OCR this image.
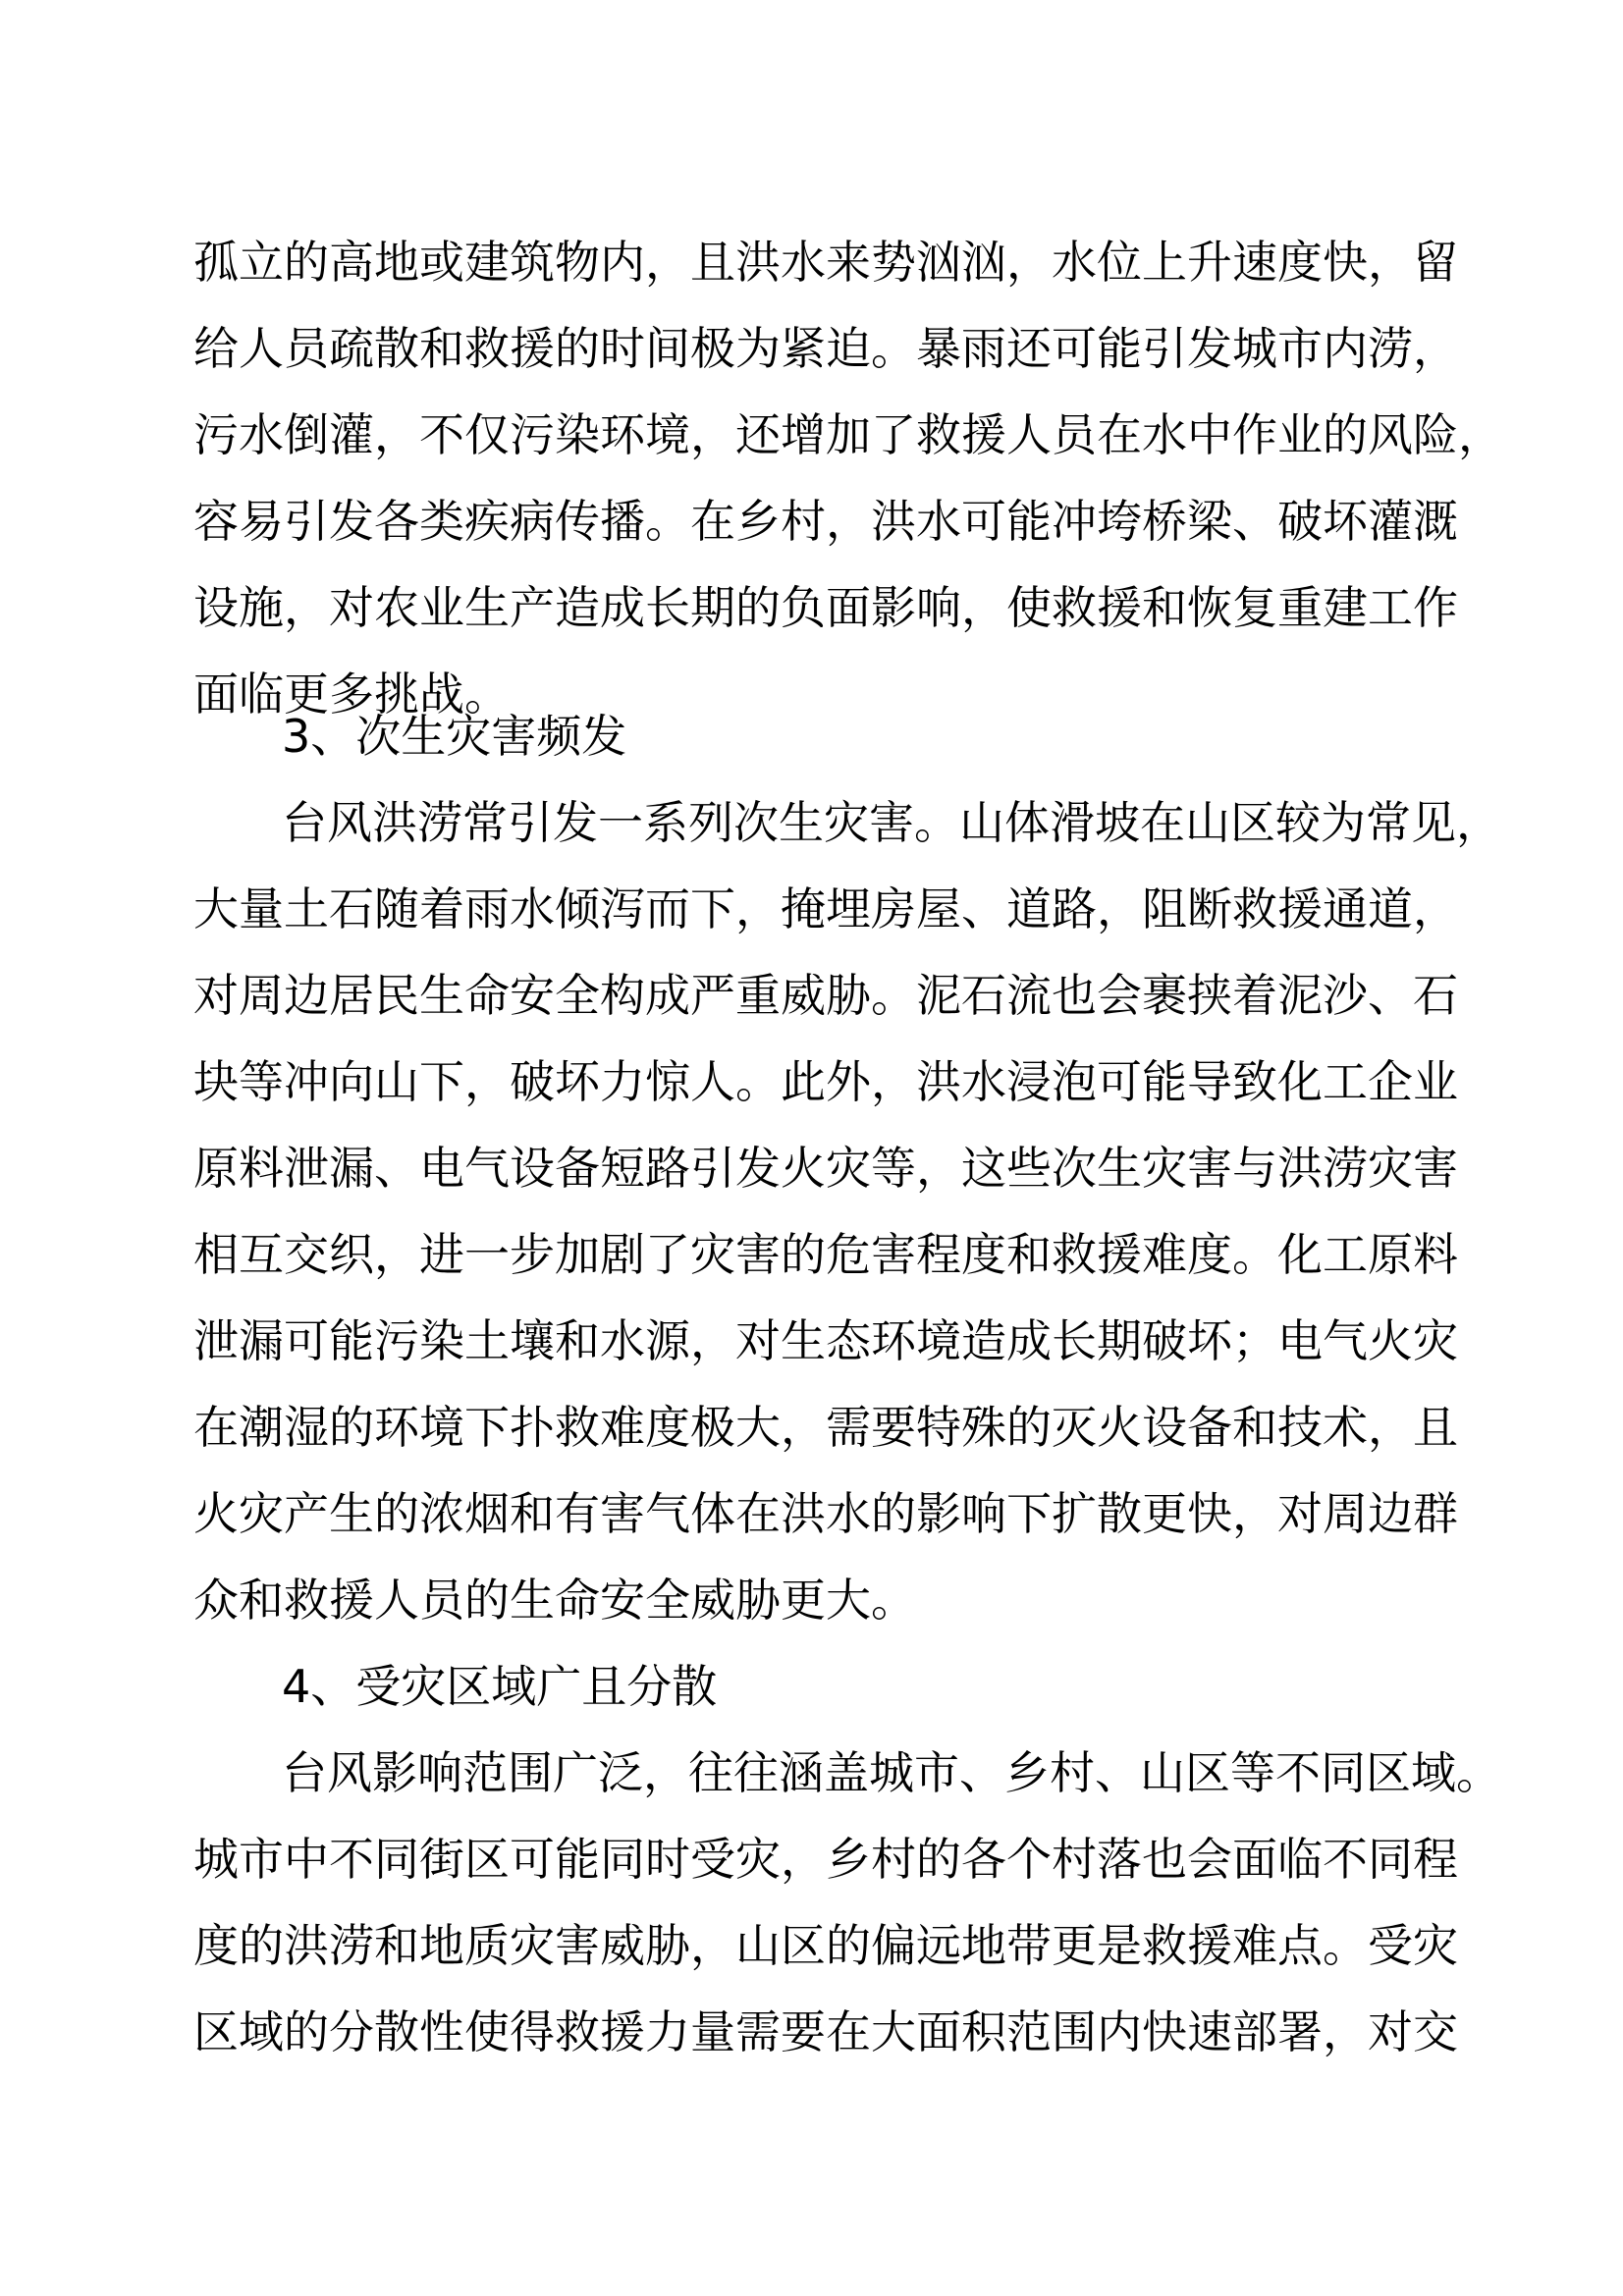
孤立的高地或建筑物内，且洪水来势汹汹，水位上升速度快，留
给人员疏散和救援的时间极为紧迫。暴雨还可能引发城市内涝，
污水倒灌，不仅污染环境，还增加了救援人员在水中作业的风险，
容易引发各类疾病传播。在乡村，洪水可能冲垮桥梁、破坏灌溉
设施，对农业生产造成长期的负面影响，使救援和恢复重建工作
面临更多挑战。
3、次生灾害频发
台风洪涝常引发一系列次生灾害。山体滑坡在山区较为常见，
大量土石随着雨水倾泻而下，掩埋房屋、道路，阻断救援通道，
对周边居民生命安全构成严重威胁。泥石流也会裹挟着泥沙、石
块等冲向山下，破坏力惊人。此外，洪水浸泡可能导致化工企业
原料泄漏、电气设备短路引发火灾等，这些次生灾害与洪涝灾害
相互交织，进一步加剧了灾害的危害程度和救援难度。化工原料
泄漏可能污染土壤和水源，对生态环境造成长期破坏；电气火灾
在潮湿的环境下扑救难度极大，需要特殊的灭火设备和技术，且
火灾产生的浓烟和有害气体在洪水的影响下扩散更快，对周边群
众和救援人员的生命安全威胁更大。
4、受灾区域广且分散
台风影响范围广泛，往往涵盖城市、乡村、山区等不同区域。
城市中不同街区可能同时受灾，乡村的各个村落也会面临不同程
度的洪涝和地质灾害威胁，山区的偏远地带更是救援难点。受灾
区域的分散性使得救援力量需要在大面积范围内快速部署，对交
